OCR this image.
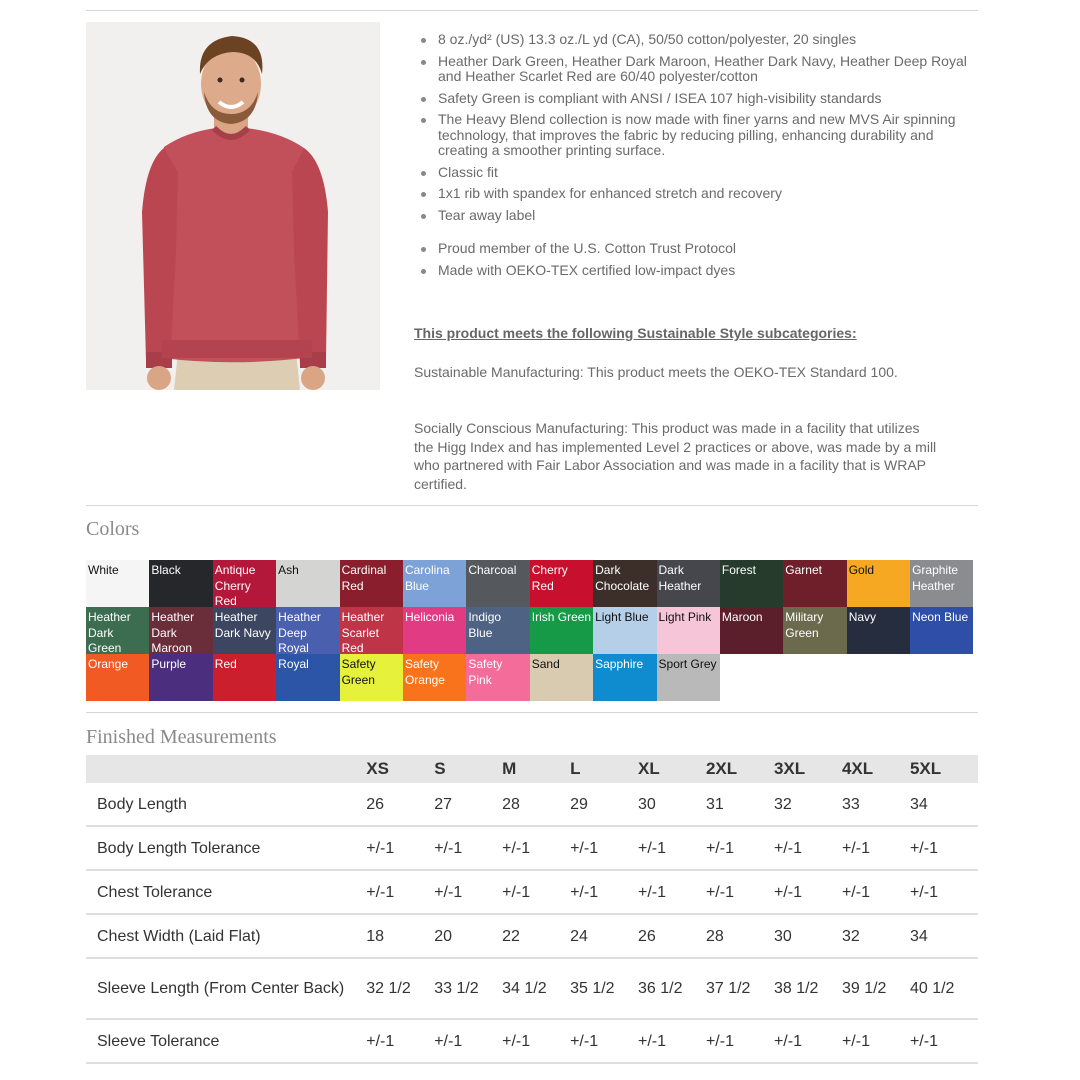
8 oz./yd² (US) 13.3 oz./L yd (CA), 50/50 cotton/polyester, 20 singles
Heather Dark Green, Heather Dark Maroon, Heather Dark Navy, Heather Deep Royal and Heather Scarlet Red are 60/40 polyester/cotton
Safety Green is compliant with ANSI / ISEA 107 high-visibility standards
The Heavy Blend collection is now made with finer yarns and new MVS Air spinning technology, that improves the fabric by reducing pilling, enhancing durability and creating a smoother printing surface.
Classic fit
1x1 rib with spandex for enhanced stretch and recovery
Tear away label
Proud member of the U.S. Cotton Trust Protocol
Made with OEKO-TEX certified low-impact dyes
This product meets the following Sustainable Style subcategories:

Sustainable Manufacturing: This product meets the OEKO-TEX Standard 100.

Socially Conscious Manufacturing: This product was made in a facility that utilizes the Higg Index and has implemented Level 2 practices or above, was made by a mill who partnered with Fair Labor Association and was made in a facility that is WRAP certified.

Colors
White	Black	Antique Cherry Red
Ash	Cardinal Red
Carolina Blue
Charcoal	Cherry Red
Dark Chocolate
Dark Heather
Forest	Garnet	Gold	Graphite Heather
Heather Dark Green
Heather Dark Maroon
Heather Dark Navy
Heather Deep Royal
Heather Scarlet Red
Heliconia	Indigo Blue
Irish Green Light Blue Light Pink Maroon	Military Green
Navy	Neon Blue
Orange	Purple	Red	Royal	Safety Green
Safety Orange
Safety Pink
Sand	Sapphire	Sport Grey
Finished Measurements
	XS	S	M	L	XL	2XL	3XL	4XL	5XL
Body Length	26	27	28	29	30	31	32	33	34
Body Length Tolerance	+/-1	+/-1	+/-1	+/-1	+/-1	+/-1	+/-1	+/-1	+/-1
Chest Tolerance	+/-1	+/-1	+/-1	+/-1	+/-1	+/-1	+/-1	+/-1	+/-1
Chest Width (Laid Flat)	18	20	22	24	26	28	30	32	34
Sleeve Length (From Center Back)	32 1/2	33 1/2	34 1/2	35 1/2	36 1/2	37 1/2	38 1/2	39 1/2	40 1/2
Sleeve Tolerance	+/-1	+/-1	+/-1	+/-1	+/-1	+/-1	+/-1	+/-1	+/-1
